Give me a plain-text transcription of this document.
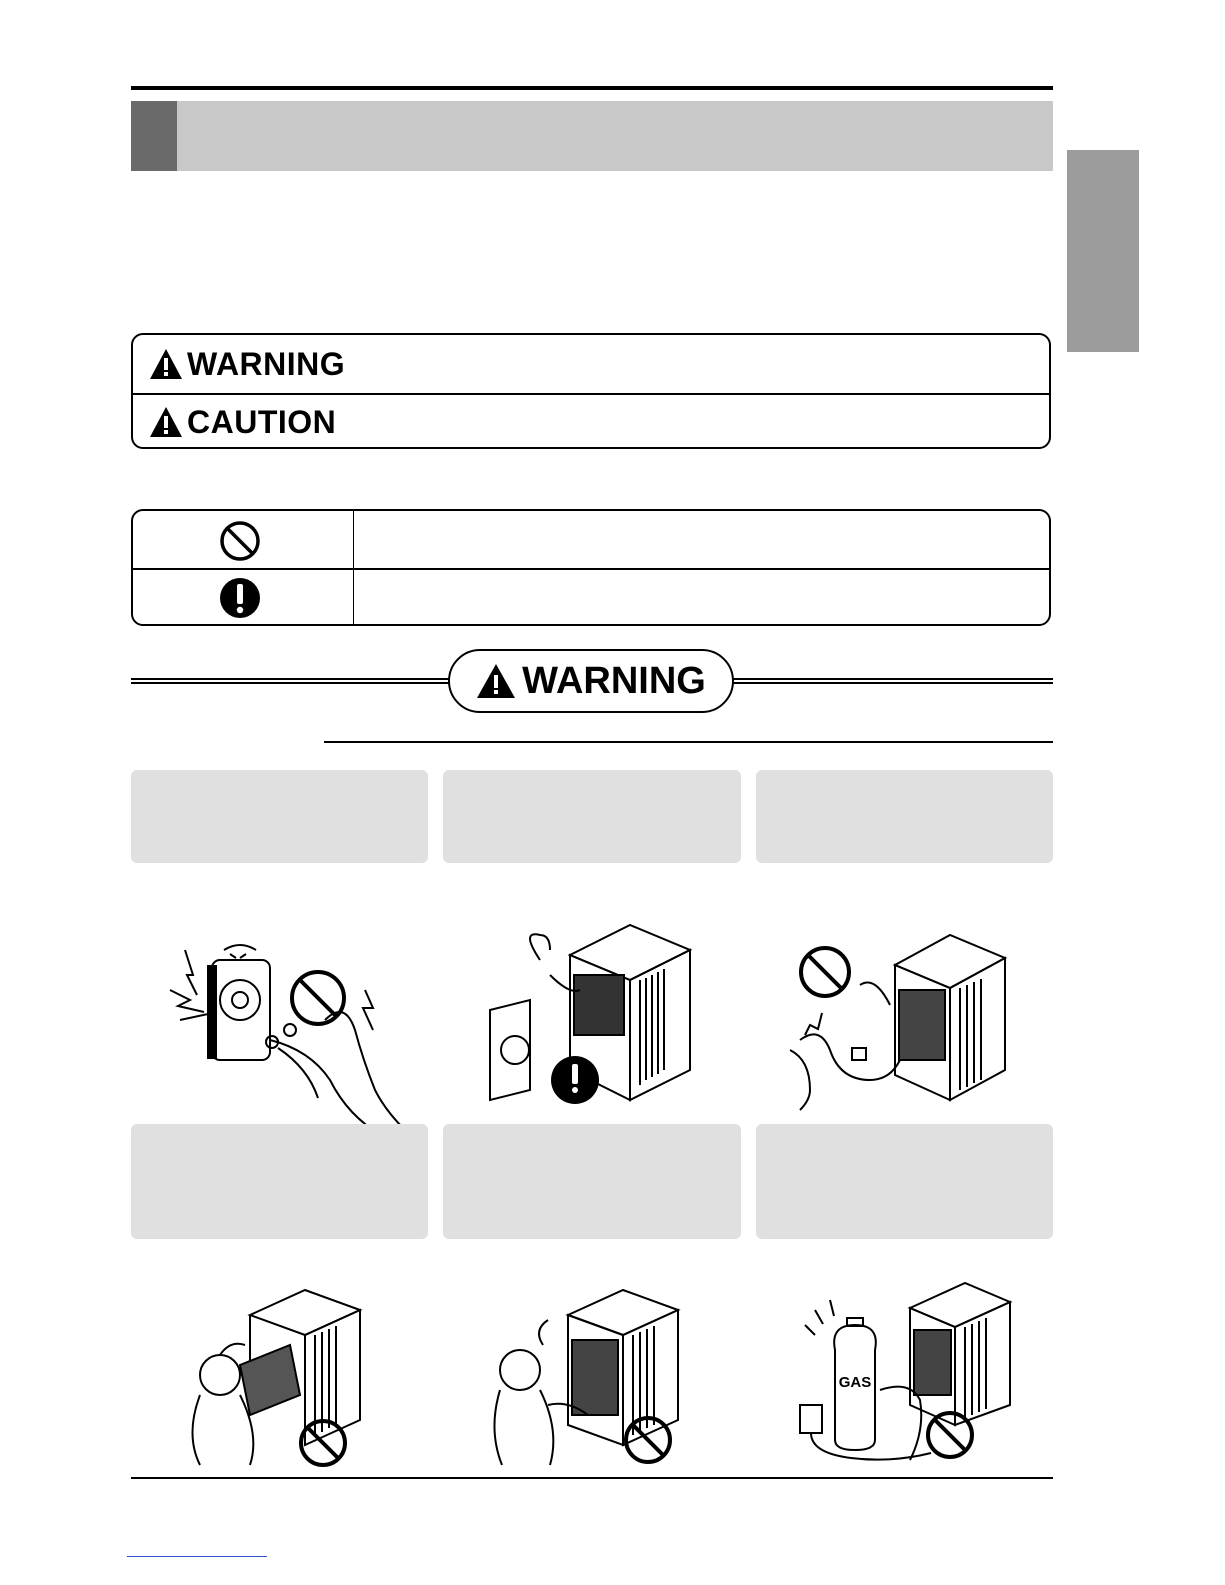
WARNING
CAUTION
WARNING
GAS
